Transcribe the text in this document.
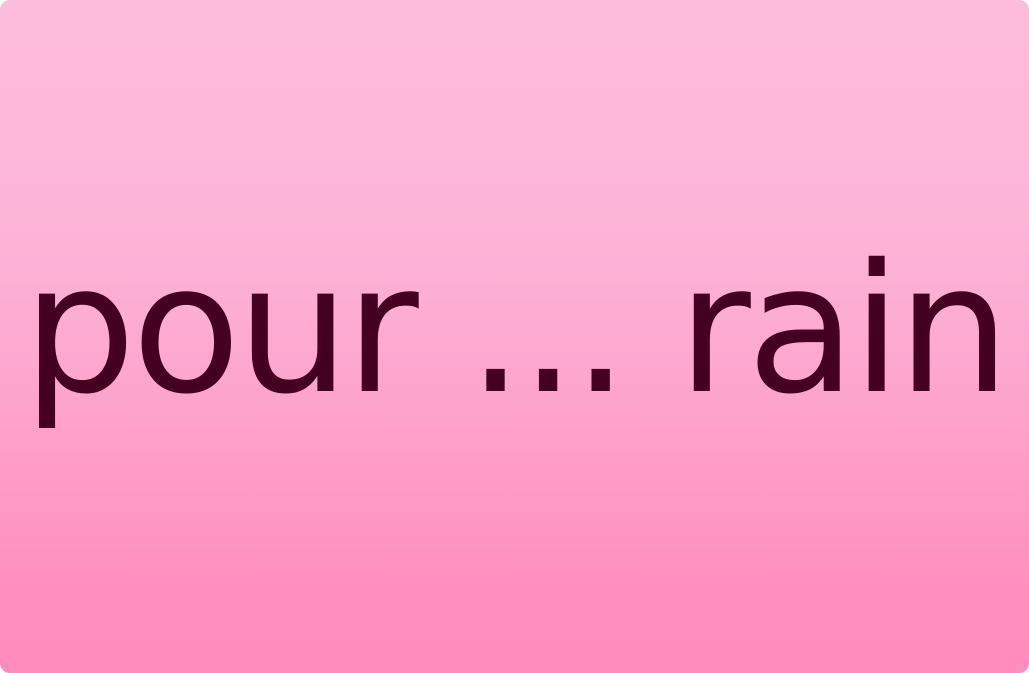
pour ... rain
